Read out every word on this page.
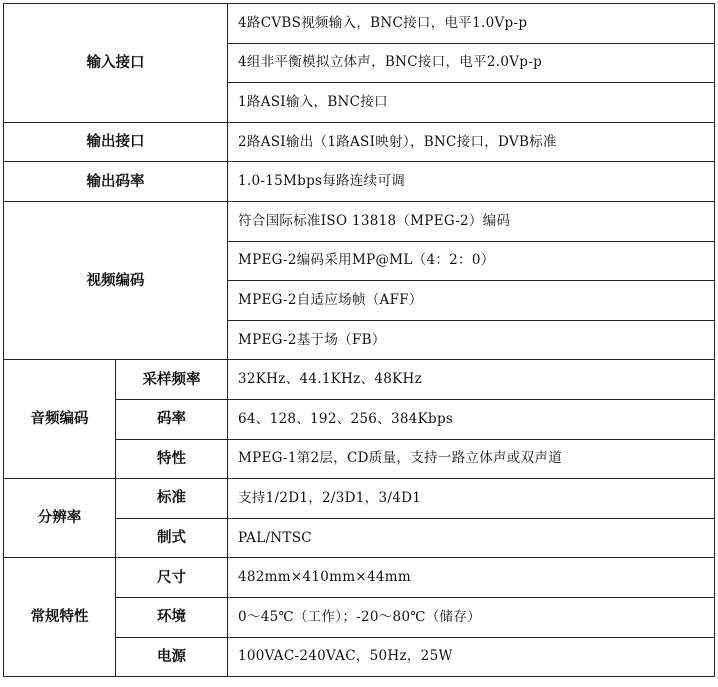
输入接口		4路CVBS视频输入，BNC接口，电平1.0Vp-p
		4组非平衡模拟立体声，BNC接口，电平2.0Vp-p
		1路ASI输入，BNC接口
输出接口		2路ASI输出（1路ASI映射），BNC接口，DVB标准
输出码率		1.0-15Mbps每路连续可调
视频编码		符合国际标准ISO 13818（MPEG-2）编码
		MPEG-2编码采用MP@ML（4：2：0）
		MPEG-2自适应场帧（AFF）
		MPEG-2基于场（FB）
音频编码	采样频率	32KHz、44.1KHz、48KHz
	码率	64、128、192、256、384Kbps
	特性	MPEG-1第2层，CD质量，支持一路立体声或双声道
分辨率	标准	支持1/2D1，2/3D1，3/4D1
	制式	PAL/NTSC
常规特性	尺寸	482mm×410mm×44mm
	环境	0～45℃（工作）；-20～80℃（储存）
	电源	100VAC-240VAC，50Hz，25W
